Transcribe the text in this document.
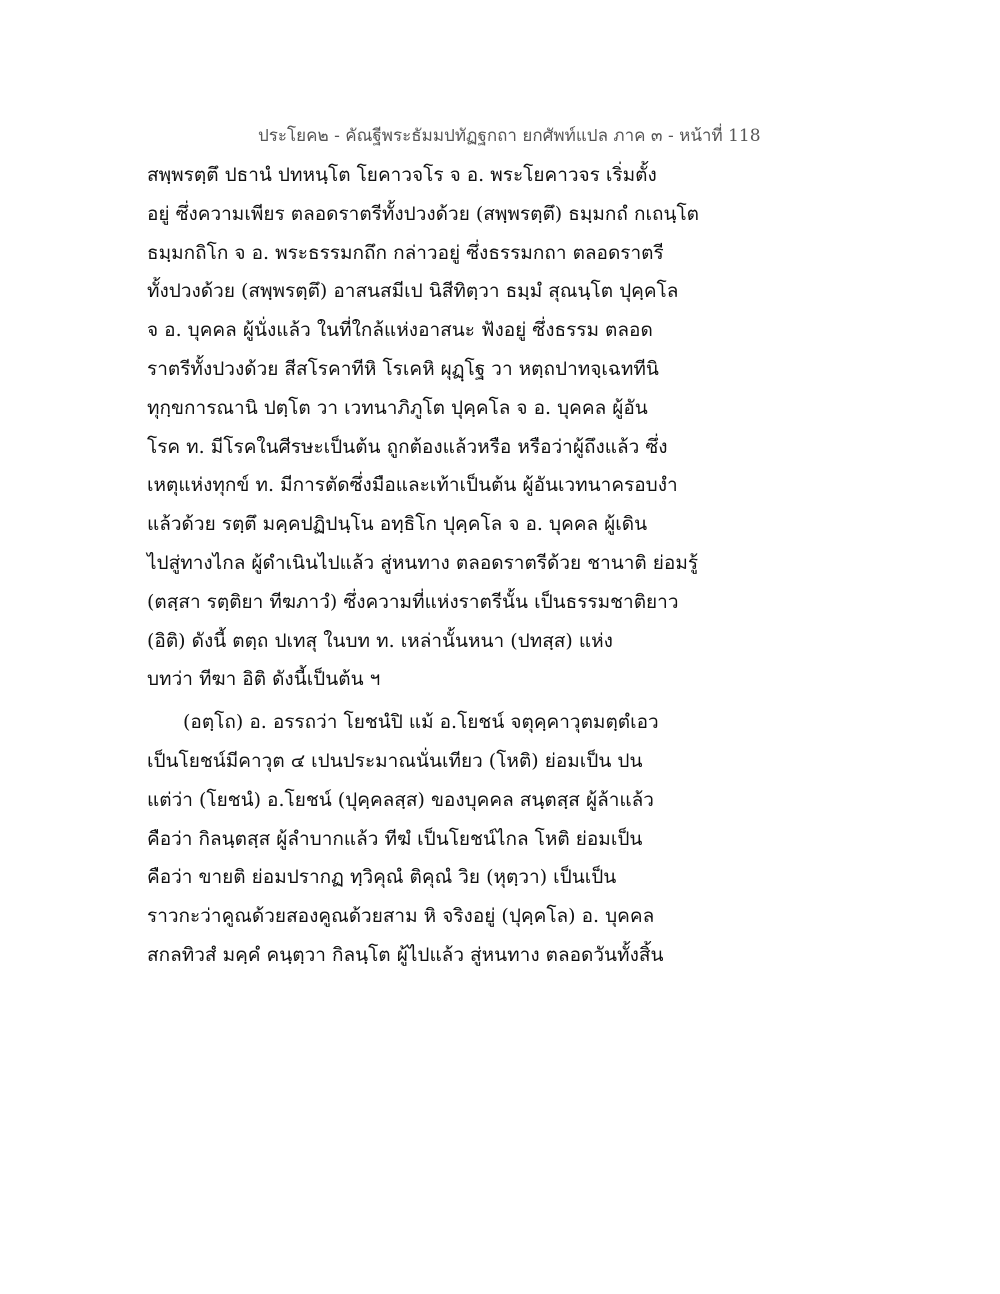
ประโยค๒ - คัณฐีพระธัมมปทัฏฐกถา ยกศัพท์แปล ภาค ๓ - หน้าที่ 118
สพฺพรตฺตึ ปธานํ ปทหนฺโต โยคาวจโร จ อ. พระโยคาวจร เริ่มตั้ง
อยู่ ซึ่งความเพียร ตลอดราตรีทั้งปวงด้วย (สพฺพรตฺตึ) ธมฺมกถํ กเถนฺโต
ธมฺมกถิโก จ อ. พระธรรมกถึก กล่าวอยู่ ซึ่งธรรมกถา ตลอดราตรี
ทั้งปวงด้วย (สพฺพรตฺตึ) อาสนสมีเป นิสีทิตฺวา ธมฺมํ สุณนฺโต ปุคฺคโล
จ อ. บุคคล ผู้นั่งแล้ว ในที่ใกล้แห่งอาสนะ ฟังอยู่ ซึ่งธรรม ตลอด
ราตรีทั้งปวงด้วย สีสโรคาทีหิ โรเคหิ ผุฏฺโฐ วา หตฺถปาทจฺเฉททีนิ
ทุกฺขการณานิ ปตฺโต วา เวทนาภิภูโต ปุคฺคโล จ อ. บุคคล ผู้อัน
โรค ท. มีโรคในศีรษะเป็นต้น ถูกต้องแล้วหรือ หรือว่าผู้ถึงแล้ว ซึ่ง
เหตุแห่งทุกข์ ท. มีการตัดซึ่งมือและเท้าเป็นต้น ผู้อันเวทนาครอบงำ
แล้วด้วย รตฺตึ มคฺคปฏิปนฺโน อทฺธิโก ปุคฺคโล จ อ. บุคคล ผู้เดิน
ไปสู่ทางไกล ผู้ดำเนินไปแล้ว สู่หนทาง ตลอดราตรีด้วย ชานาติ ย่อมรู้
(ตสฺสา รตฺติยา ทีฆภาวํ) ซึ่งความที่แห่งราตรีนั้น เป็นธรรมชาติยาว
(อิติ) ดังนี้ ตตฺถ ปเทสุ ในบท ท. เหล่านั้นหนา (ปทสฺส) แห่ง
บทว่า ทีฆา อิติ ดังนี้เป็นต้น ฯ
(อตฺโถ) อ. อรรถว่า โยชนํปิ แม้ อ.โยชน์ จตุคฺคาวุตมตฺตํเอว
เป็นโยชน์มีคาวุต ๔ เปนประมาณนั่นเทียว (โหติ) ย่อมเป็น ปน
แต่ว่า (โยชนํ) อ.โยชน์ (ปุคฺคลสฺส) ของบุคคล สนฺตสฺส ผู้ล้าแล้ว
คือว่า กิลนฺตสฺส ผู้ลำบากแล้ว ทีฆํ เป็นโยชน์ไกล โหติ ย่อมเป็น
คือว่า ขายติ ย่อมปรากฏ ทฺวิคุณํ ติคุณํ วิย (หุตฺวา) เป็นเป็น
ราวกะว่าคูณด้วยสองคูณด้วยสาม หิ จริงอยู่ (ปุคฺคโล) อ. บุคคล
สกลทิวสํ มคฺคํ คนฺตฺวา กิลนฺโต ผู้ไปแล้ว สู่หนทาง ตลอดวันทั้งสิ้น
